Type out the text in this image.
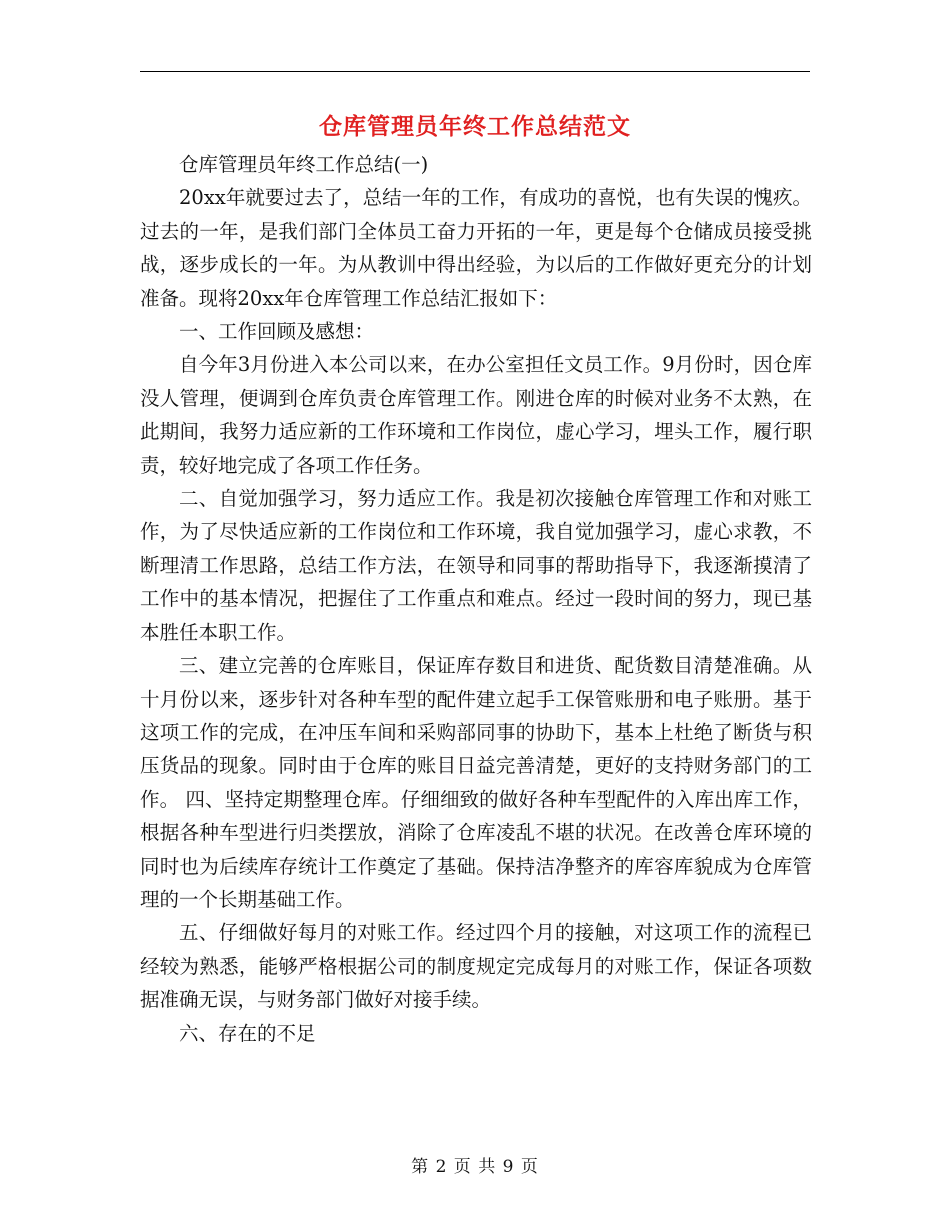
仓库管理员年终工作总结范文

仓库管理员年终工作总结(一)

20xx年就要过去了，总结一年的工作，有成功的喜悦，也有失误的愧疚。过去的一年，是我们部门全体员工奋力开拓的一年，更是每个仓储成员接受挑战，逐步成长的一年。为从教训中得出经验，为以后的工作做好更充分的计划准备。现将20xx年仓库管理工作总结汇报如下：

一、工作回顾及感想：

自今年3月份进入本公司以来，在办公室担任文员工作。9月份时，因仓库没人管理，便调到仓库负责仓库管理工作。刚进仓库的时候对业务不太熟，在此期间，我努力适应新的工作环境和工作岗位，虚心学习，埋头工作，履行职责，较好地完成了各项工作任务。

二、自觉加强学习，努力适应工作。我是初次接触仓库管理工作和对账工作，为了尽快适应新的工作岗位和工作环境，我自觉加强学习，虚心求教，不断理清工作思路，总结工作方法，在领导和同事的帮助指导下，我逐渐摸清了工作中的基本情况，把握住了工作重点和难点。经过一段时间的努力，现已基本胜任本职工作。

三、建立完善的仓库账目，保证库存数目和进货、配货数目清楚准确。从十月份以来，逐步针对各种车型的配件建立起手工保管账册和电子账册。基于这项工作的完成，在冲压车间和采购部同事的协助下，基本上杜绝了断货与积压货品的现象。同时由于仓库的账目日益完善清楚，更好的支持财务部门的工作。 四、坚持定期整理仓库。仔细细致的做好各种车型配件的入库出库工作，根据各种车型进行归类摆放，消除了仓库凌乱不堪的状况。在改善仓库环境的同时也为后续库存统计工作奠定了基础。保持洁净整齐的库容库貌成为仓库管理的一个长期基础工作。

五、仔细做好每月的对账工作。经过四个月的接触，对这项工作的流程已经较为熟悉，能够严格根据公司的制度规定完成每月的对账工作，保证各项数据准确无误，与财务部门做好对接手续。

六、存在的不足

第 2 页 共 9 页
